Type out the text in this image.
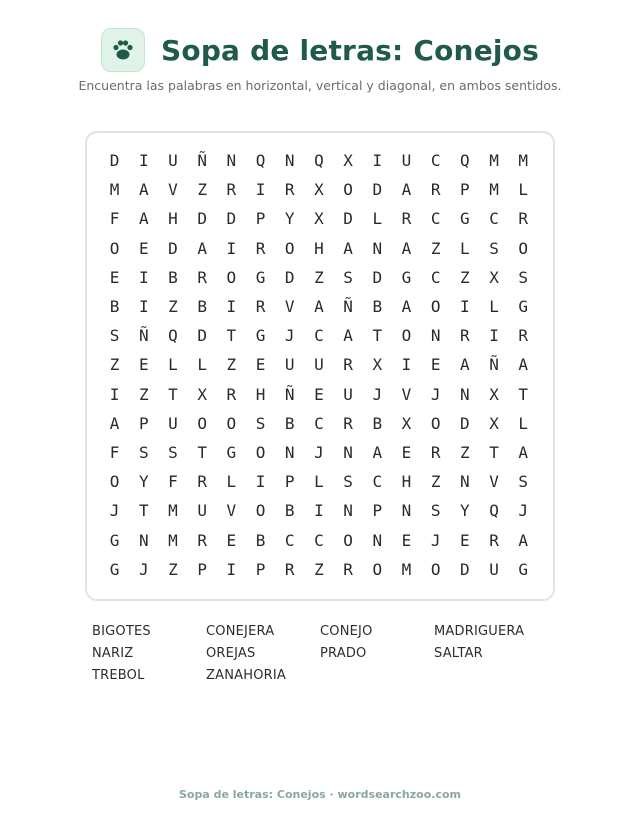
Sopa de letras: Conejos
Encuentra las palabras en horizontal, vertical y diagonal, en ambos sentidos.
D	I	U	Ñ	N	Q	N	Q	X	I	U	C	Q	M	M
M	A	V	Z	R	I	R	X	O	D	A	R	P	M	L
F	A	H	D	D	P	Y	X	D	L	R	C	G	C	R
O	E	D	A	I	R	O	H	A	N	A	Z	L	S	O
E	I	B	R	O	G	D	Z	S	D	G	C	Z	X	S
B	I	Z	B	I	R	V	A	Ñ	B	A	O	I	L	G
S	Ñ	Q	D	T	G	J	C	A	T	O	N	R	I	R
Z	E	L	L	Z	E	U	U	R	X	I	E	A	Ñ	A
I	Z	T	X	R	H	Ñ	E	U	J	V	J	N	X	T
A	P	U	O	O	S	B	C	R	B	X	O	D	X	L
F	S	S	T	G	O	N	J	N	A	E	R	Z	T	A
O	Y	F	R	L	I	P	L	S	C	H	Z	N	V	S
J	T	M	U	V	O	B	I	N	P	N	S	Y	Q	J
G	N	M	R	E	B	C	C	O	N	E	J	E	R	A
G	J	Z	P	I	P	R	Z	R	O	M	O	D	U	G
BIGOTES	CONEJERA	CONEJO	MADRIGUERA
NARIZ	OREJAS	PRADO	SALTAR
TREBOL	ZANAHORIA
Sopa de letras: Conejos · wordsearchzoo.com
